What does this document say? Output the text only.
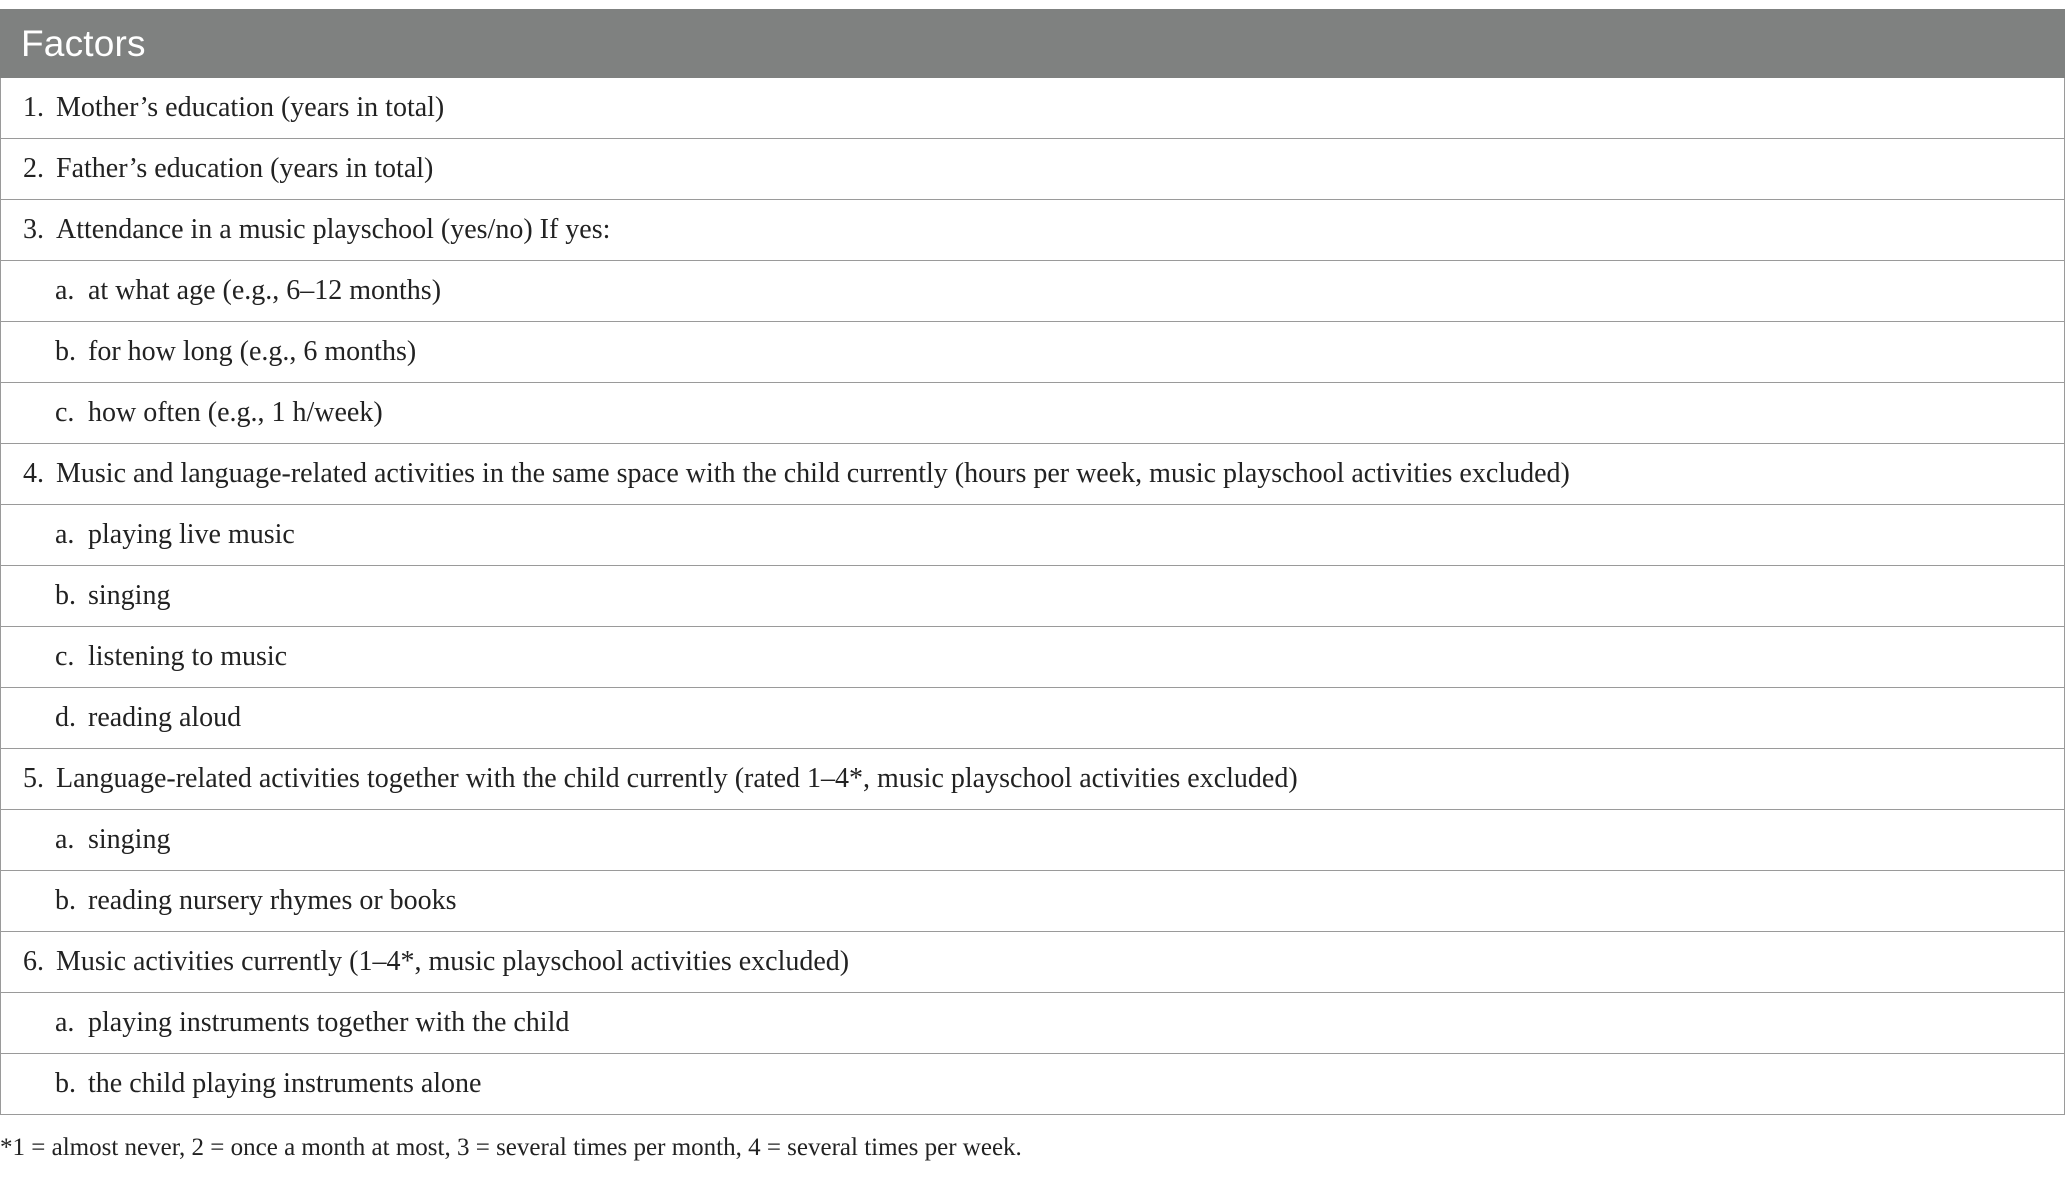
Factors

1. Mother’s education (years in total)

2. Father’s education (years in total)

3. Attendance in a music playschool (yes/no) If yes:

a. at what age (e.g., 6–12 months)

b. for how long (e.g., 6 months)

c. how often (e.g., 1 h/week)

4. Music and language-related activities in the same space with the child currently (hours per week, music playschool activities excluded)

a. playing live music

b. singing

c. listening to music

d. reading aloud

5. Language-related activities together with the child currently (rated 1–4*, music playschool activities excluded)

a. singing

b. reading nursery rhymes or books

6. Music activities currently (1–4*, music playschool activities excluded)

a. playing instruments together with the child

b. the child playing instruments alone
*1 = almost never, 2 = once a month at most, 3 = several times per month, 4 = several times per week.
